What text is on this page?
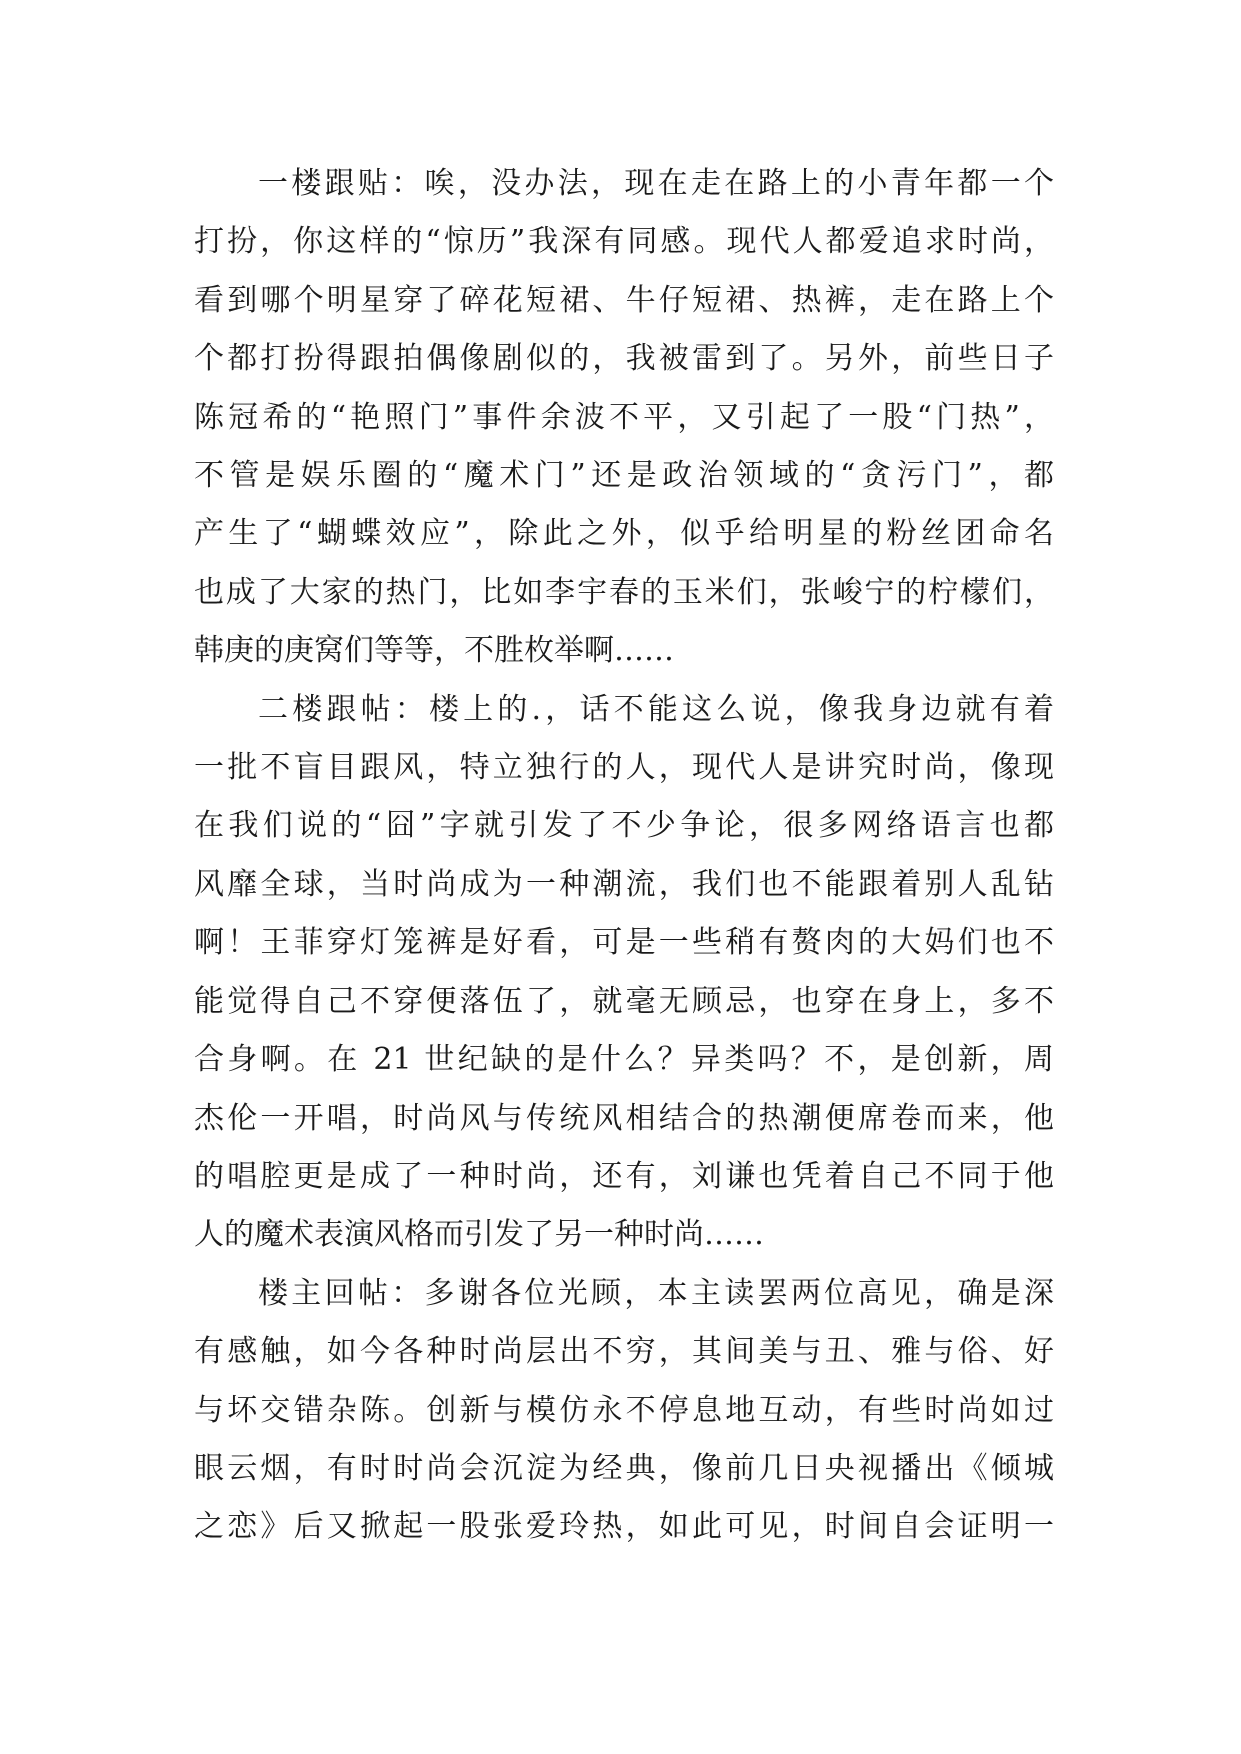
一楼跟贴：唉，没办法，现在走在路上的小青年都一个
打扮，你这样的“惊历”我深有同感。现代人都爱追求时尚，
看到哪个明星穿了碎花短裙、牛仔短裙、热裤，走在路上个
个都打扮得跟拍偶像剧似的，我被雷到了。另外，前些日子
陈冠希的“艳照门”事件余波不平，又引起了一股“门热”，
不管是娱乐圈的“魔术门”还是政治领域的“贪污门”，都
产生了“蝴蝶效应”，除此之外，似乎给明星的粉丝团命名
也成了大家的热门，比如李宇春的玉米们，张峻宁的柠檬们，
韩庚的庚窝们等等，不胜枚举啊……
二楼跟帖：楼上的.，话不能这么说，像我身边就有着
一批不盲目跟风，特立独行的人，现代人是讲究时尚，像现
在我们说的“囧”字就引发了不少争论，很多网络语言也都
风靡全球，当时尚成为一种潮流，我们也不能跟着别人乱钻
啊！王菲穿灯笼裤是好看，可是一些稍有赘肉的大妈们也不
能觉得自己不穿便落伍了，就毫无顾忌，也穿在身上，多不
合身啊。在 21 世纪缺的是什么？异类吗？不，是创新，周
杰伦一开唱，时尚风与传统风相结合的热潮便席卷而来，他
的唱腔更是成了一种时尚，还有，刘谦也凭着自己不同于他
人的魔术表演风格而引发了另一种时尚……
楼主回帖：多谢各位光顾，本主读罢两位高见，确是深
有感触，如今各种时尚层出不穷，其间美与丑、雅与俗、好
与坏交错杂陈。创新与模仿永不停息地互动，有些时尚如过
眼云烟，有时时尚会沉淀为经典，像前几日央视播出《倾城
之恋》后又掀起一股张爱玲热，如此可见，时间自会证明一
